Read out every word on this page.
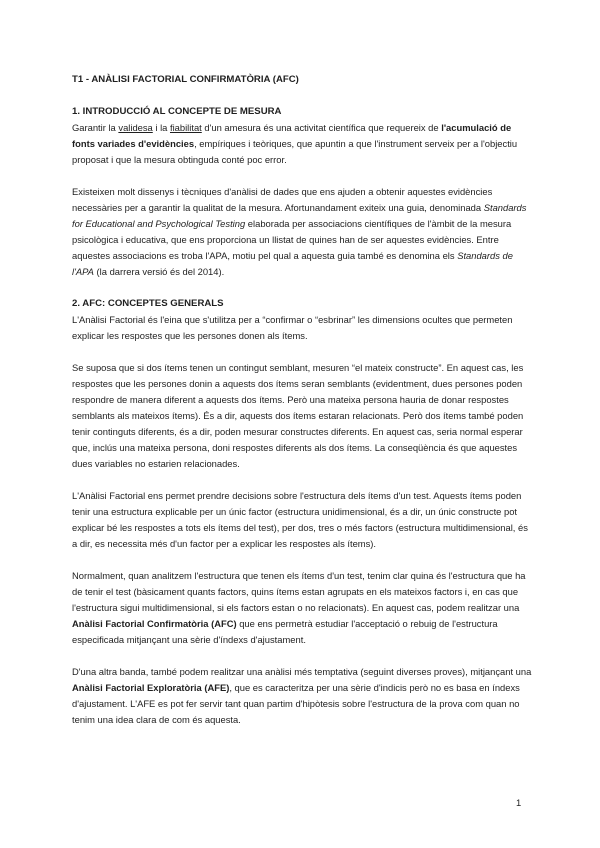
T1 - ANÀLISI FACTORIAL CONFIRMATÒRIA (AFC)
1. INTRODUCCIÓ AL CONCEPTE DE MESURA

Garantir la validesa i la fiabilitat d'un amesura és una activitat científica que requereix de l'acumulació de fonts variades d'evidències, empíriques i teòriques, que apuntin a que l'instrument serveix per a l'objectiu proposat i que la mesura obtinguda conté poc error.

Existeixen molt dissenys i tècniques d'anàlisi de dades que ens ajuden a obtenir aquestes evidències necessàries per a garantir la qualitat de la mesura. Afortunandament exiteix una guia, denominada Standards for Educational and Psychological Testing elaborada per associacions científiques de l'àmbit de la mesura psicològica i educativa, que ens proporciona un llistat de quines han de ser aquestes evidències. Entre aquestes associacions es troba l'APA, motiu pel qual a aquesta guia també es denomina els Standards de l'APA (la darrera versió és del 2014).

2. AFC: CONCEPTES GENERALS

L'Anàlisi Factorial és l'eina que s'utilitza per a “confirmar o “esbrinar” les dimensions ocultes que permeten explicar les respostes que les persones donen als ítems.

Se suposa que si dos ítems tenen un contingut semblant, mesuren “el mateix constructe”. En aquest cas, les respostes que les persones donin a aquests dos ítems seran semblants (evidentment, dues persones poden respondre de manera diferent a aquests dos ítems. Però una mateixa persona hauria de donar respostes semblants als mateixos ítems). És a dir, aquests dos ítems estaran relacionats. Però dos ítems també poden tenir continguts diferents, és a dir, poden mesurar constructes diferents. En aquest cas, seria normal esperar que, inclús una mateixa persona, doni respostes diferents als dos ítems. La conseqüència és que aquestes dues variables no estarien relacionades.

L'Anàlisi Factorial ens permet prendre decisions sobre l'estructura dels ítems d'un test. Aquests ítems poden tenir una estructura explicable per un únic factor (estructura unidimensional, és a dir, un únic constructe pot explicar bé les respostes a tots els ítems del test), per dos, tres o més factors (estructura multidimensional, és a dir, es necessita més d'un factor per a explicar les respostes als ítems).

Normalment, quan analitzem l'estructura que tenen els ítems d'un test, tenim clar quina és l'estructura que ha de tenir el test (bàsicament quants factors, quins ítems estan agrupats en els mateixos factors i, en cas que l'estructura sigui multidimensional, si els factors estan o no relacionats). En aquest cas, podem realitzar una Anàlisi Factorial Confirmatòria (AFC) que ens permetrà estudiar l'acceptació o rebuig de l'estructura especificada mitjançant una sèrie d'índexs d'ajustament.

D'una altra banda, també podem realitzar una anàlisi més temptativa (seguint diverses proves), mitjançant una Anàlisi Factorial Exploratòria (AFE), que es caracteritza per una sèrie d'indicis però no es basa en índexs d'ajustament. L'AFE es pot fer servir tant quan partim d'hipòtesis sobre l'estructura de la prova com quan no tenim una idea clara de com és aquesta.

1
